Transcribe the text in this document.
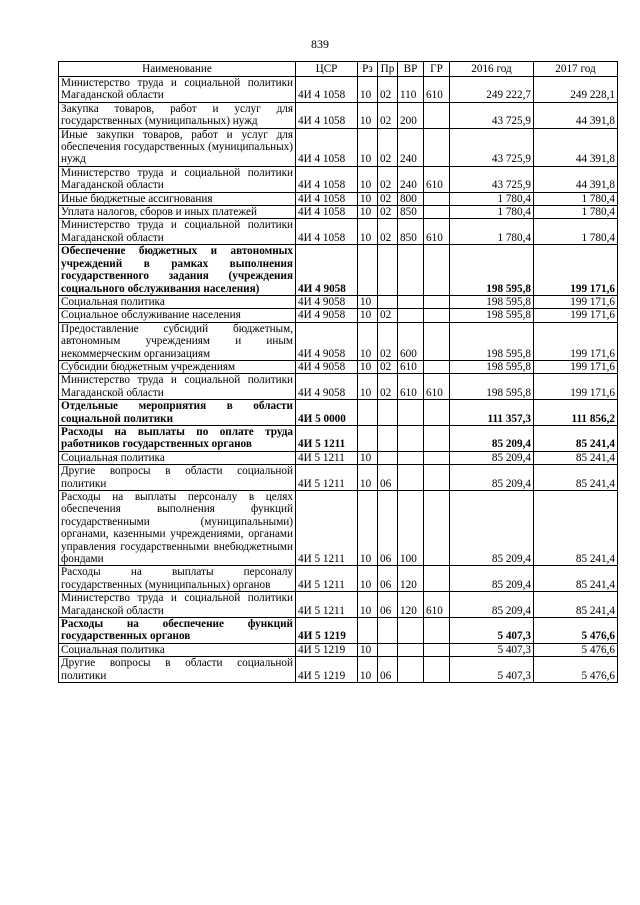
839
Наименование	ЦСР	Рз	Пр	ВР	ГР	2016 год	2017 год
Министерство труда и социальной политики Магаданской области	4И 4 1058	10	02	110	610	249 222,7	249 228,1
Закупка товаров, работ и услуг для государственных (муниципальных) нужд	4И 4 1058	10	02	200		43 725,9	44 391,8
Иные закупки товаров, работ и услуг для обеспечения государственных (муниципальных) нужд	4И 4 1058	10	02	240		43 725,9	44 391,8
Министерство труда и социальной политики Магаданской области	4И 4 1058	10	02	240	610	43 725,9	44 391,8
Иные бюджетные ассигнования	4И 4 1058	10	02	800		1 780,4	1 780,4
Уплата налогов, сборов и иных платежей	4И 4 1058	10	02	850		1 780,4	1 780,4
Министерство труда и социальной политики Магаданской области	4И 4 1058	10	02	850	610	1 780,4	1 780,4
Обеспечение бюджетных и автономных учреждений в рамках выполнения государственного задания (учреждения социального обслуживания населения)	4И 4 9058					198 595,8	199 171,6
Социальная политика	4И 4 9058	10				198 595,8	199 171,6
Социальное обслуживание населения	4И 4 9058	10	02			198 595,8	199 171,6
Предоставление субсидий бюджетным, автономным учреждениям и иным некоммерческим организациям	4И 4 9058	10	02	600		198 595,8	199 171,6
Субсидии бюджетным учреждениям	4И 4 9058	10	02	610		198 595,8	199 171,6
Министерство труда и социальной политики Магаданской области	4И 4 9058	10	02	610	610	198 595,8	199 171,6
Отдельные мероприятия в области социальной политики	4И 5 0000					111 357,3	111 856,2
Расходы на выплаты по оплате труда работников государственных органов	4И 5 1211					85 209,4	85 241,4
Социальная политика	4И 5 1211	10				85 209,4	85 241,4
Другие вопросы в области социальной политики	4И 5 1211	10	06			85 209,4	85 241,4
Расходы на выплаты персоналу в целях обеспечения выполнения функций государственными (муниципальными) органами, казенными учреждениями, органами управления государственными внебюджетными фондами	4И 5 1211	10	06	100		85 209,4	85 241,4
Расходы на выплаты персоналу государственных (муниципальных) органов	4И 5 1211	10	06	120		85 209,4	85 241,4
Министерство труда и социальной политики Магаданской области	4И 5 1211	10	06	120	610	85 209,4	85 241,4
Расходы на обеспечение функций государственных органов	4И 5 1219					5 407,3	5 476,6
Социальная политика	4И 5 1219	10				5 407,3	5 476,6
Другие вопросы в области социальной политики	4И 5 1219	10	06			5 407,3	5 476,6
